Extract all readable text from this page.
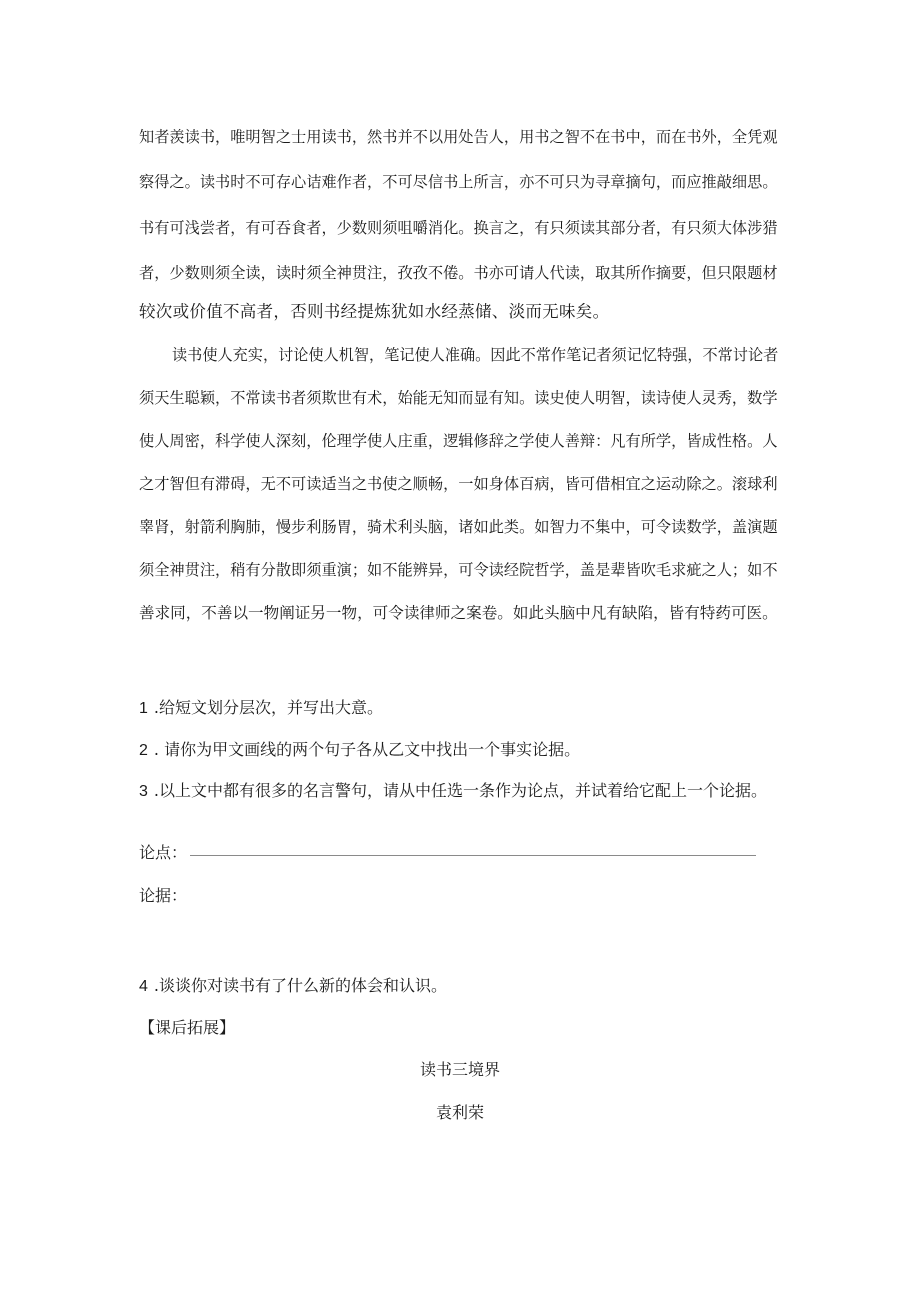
知者羡读书，唯明智之士用读书，然书并不以用处告人，用书之智不在书中，而在书外，全凭观
察得之。读书时不可存心诘难作者，不可尽信书上所言，亦不可只为寻章摘句，而应推敲细思。
书有可浅尝者，有可吞食者，少数则须咀嚼消化。换言之，有只须读其部分者，有只须大体涉猎
者，少数则须全读，读时须全神贯注，孜孜不倦。书亦可请人代读，取其所作摘要，但只限题材
较次或价值不高者，否则书经提炼犹如水经蒸储、淡而无味矣。
读书使人充实，讨论使人机智，笔记使人准确。因此不常作笔记者须记忆特强，不常讨论者
须天生聪颖，不常读书者须欺世有术，始能无知而显有知。读史使人明智，读诗使人灵秀，数学
使人周密，科学使人深刻，伦理学使人庄重，逻辑修辞之学使人善辩：凡有所学，皆成性格。人
之才智但有滞碍，无不可读适当之书使之顺畅，一如身体百病，皆可借相宜之运动除之。滚球利
睾肾，射箭利胸肺，慢步利肠胃，骑术利头脑，诸如此类。如智力不集中，可令读数学，盖演题
须全神贯注，稍有分散即须重演；如不能辨异，可令读经院哲学，盖是辈皆吹毛求疵之人；如不
善求同，不善以一物阐证另一物，可令读律师之案卷。如此头脑中凡有缺陷，皆有特药可医。
1 .给短文划分层次，并写出大意。
2 . 请你为甲文画线的两个句子各从乙文中找出一个事实论据。
3 .以上文中都有很多的名言警句，请从中任选一条作为论点，并试着给它配上一个论据。
论点：
论据：
4 .谈谈你对读书有了什么新的体会和认识。
【课后拓展】
读书三境界
袁利荣
